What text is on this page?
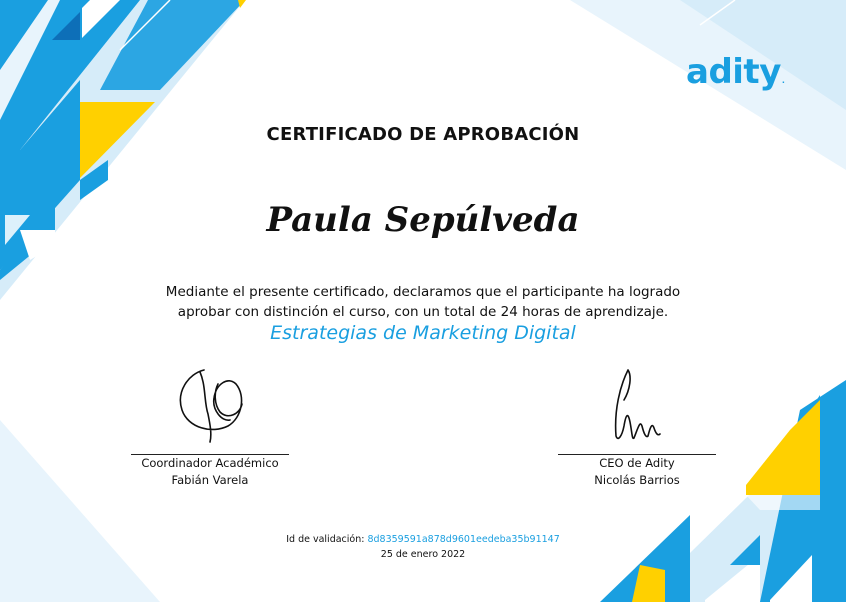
adity.
CERTIFICADO DE APROBACIÓN
Paula Sepúlveda
Mediante el presente certificado, declaramos que el participante ha logrado
aprobar con distinción el curso, con un total de 24 horas de aprendizaje.
Estrategias de Marketing Digital
Coordinador Académico
Fabián Varela
CEO de Adity
Nicolás Barrios
Id de validación: 8d8359591a878d9601eedeba35b91147
25 de enero 2022
